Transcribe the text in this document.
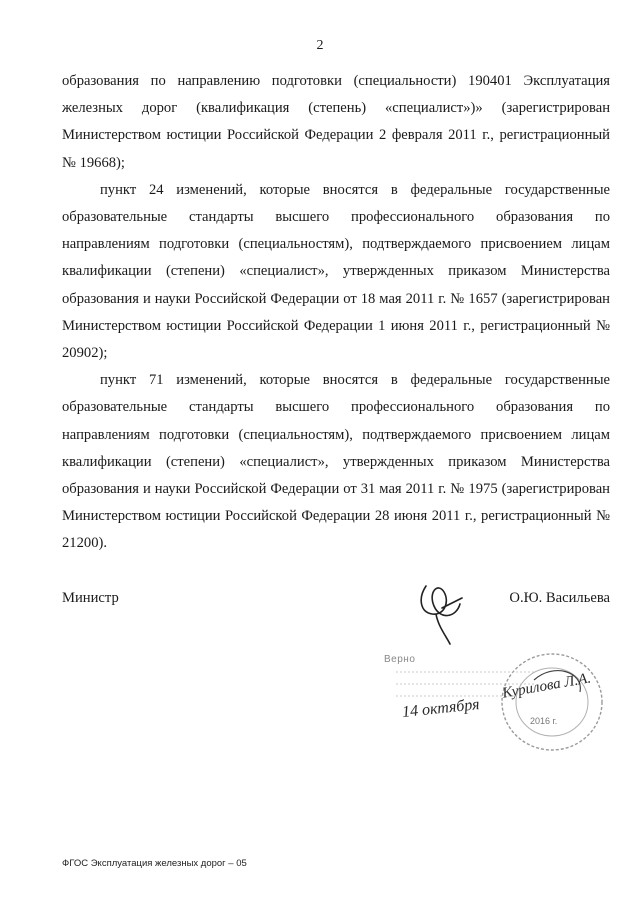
2

образования по направлению подготовки (специальности) 190401 Эксплуатация железных дорог (квалификация (степень) «специалист»)» (зарегистрирован Министерством юстиции Российской Федерации 2 февраля 2011 г., регистрационный № 19668);

пункт 24 изменений, которые вносятся в федеральные государственные образовательные стандарты высшего профессионального образования по направлениям подготовки (специальностям), подтверждаемого присвоением лицам квалификации (степени) «специалист», утвержденных приказом Министерства образования и науки Российской Федерации от 18 мая 2011 г. № 1657 (зарегистрирован Министерством юстиции Российской Федерации 1 июня 2011 г., регистрационный № 20902);

пункт 71 изменений, которые вносятся в федеральные государственные образовательные стандарты высшего профессионального образования по направлениям подготовки (специальностям), подтверждаемого присвоением лицам квалификации (степени) «специалист», утвержденных приказом Министерства образования и науки Российской Федерации от 31 мая 2011 г. № 1975 (зарегистрирован Министерством юстиции Российской Федерации 28 июня 2011 г., регистрационный № 21200).

Министр	О.Ю. Васильева
Верно
Курилова Л.А.
14 октября	2016 г.
ФГОС Эксплуатация железных дорог – 05
